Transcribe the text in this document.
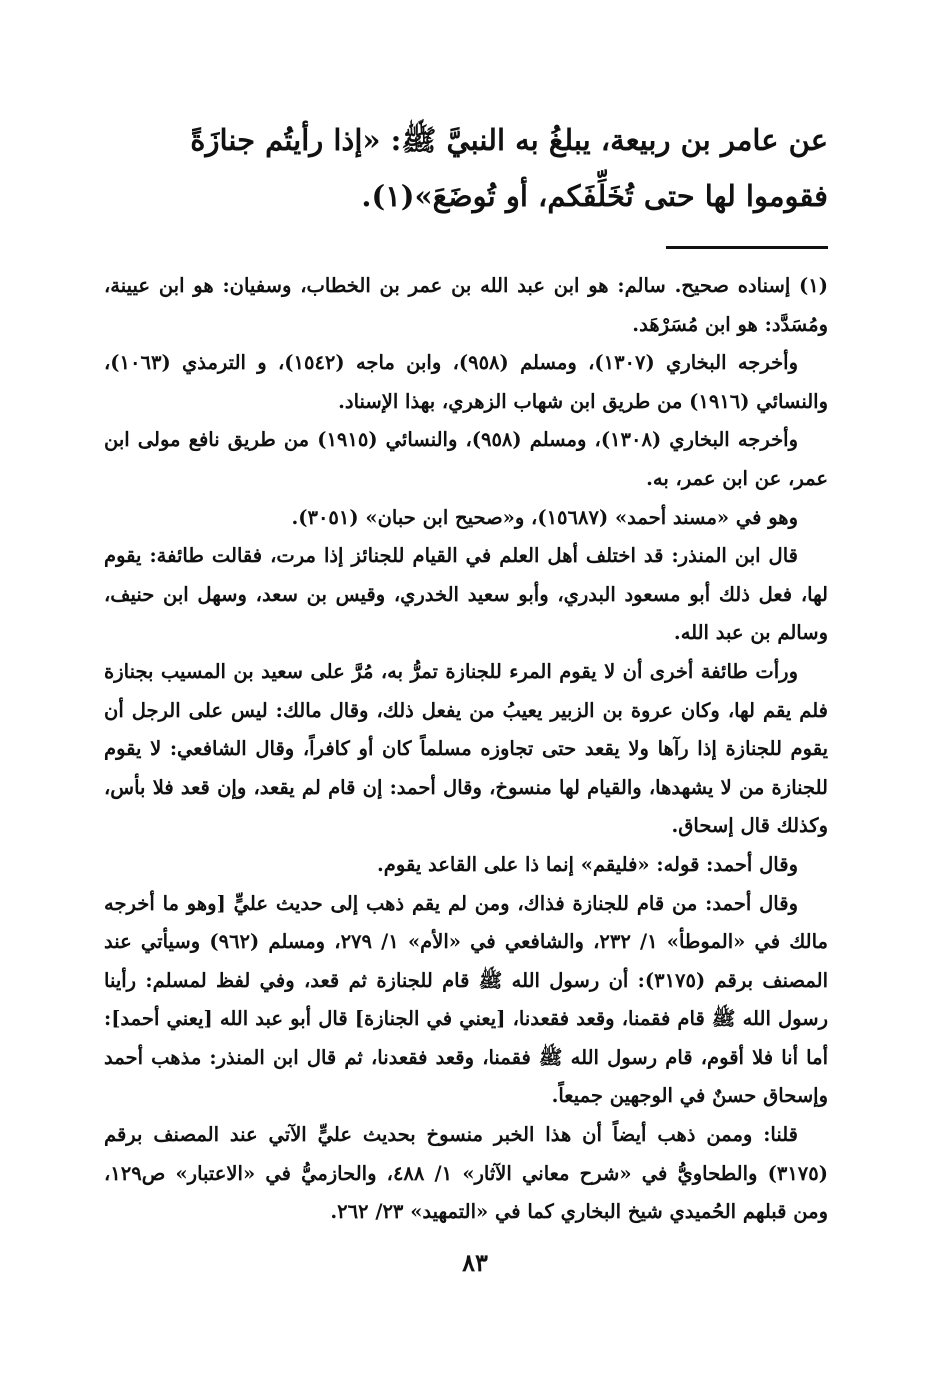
عن عامر بن ربيعة، يبلغُ به النبيَّ ﷺ: «إذا رأيتُم جنازَةً فقوموا لها حتى تُخَلِّفَكم، أو تُوضَعَ»(١).

(١) إسناده صحيح. سالم: هو ابن عبد الله بن عمر بن الخطاب، وسفيان: هو ابن عيينة، ومُسَدَّد: هو ابن مُسَرْهَد.

وأخرجه البخاري (١٣٠٧)، ومسلم (٩٥٨)، وابن ماجه (١٥٤٢)، و الترمذي (١٠٦٣)، والنسائي (١٩١٦) من طريق ابن شهاب الزهري، بهذا الإسناد.

وأخرجه البخاري (١٣٠٨)، ومسلم (٩٥٨)، والنسائي (١٩١٥) من طريق نافع مولى ابن عمر، عن ابن عمر، به.

وهو في «مسند أحمد» (١٥٦٨٧)، و«صحيح ابن حبان» (٣٠٥١).

قال ابن المنذر: قد اختلف أهل العلم في القيام للجنائز إذا مرت، فقالت طائفة: يقوم لها، فعل ذلك أبو مسعود البدري، وأبو سعيد الخدري، وقيس بن سعد، وسهل ابن حنيف، وسالم بن عبد الله.

ورأت طائفة أخرى أن لا يقوم المرء للجنازة تمرُّ به، مُرَّ على سعيد بن المسيب بجنازة فلم يقم لها، وكان عروة بن الزبير يعيبُ من يفعل ذلك، وقال مالك: ليس على الرجل أن يقوم للجنازة إذا رآها ولا يقعد حتى تجاوزه مسلماً كان أو كافراً، وقال الشافعي: لا يقوم للجنازة من لا يشهدها، والقيام لها منسوخ، وقال أحمد: إن قام لم يقعد، وإن قعد فلا بأس، وكذلك قال إسحاق.

وقال أحمد: قوله: «فليقم» إنما ذا على القاعد يقوم.

وقال أحمد: من قام للجنازة فذاك، ومن لم يقم ذهب إلى حديث عليٍّ [وهو ما أخرجه مالك في «الموطأ» ١/ ٢٣٢، والشافعي في «الأم» ١/ ٢٧٩، ومسلم (٩٦٢) وسيأتي عند المصنف برقم (٣١٧٥): أن رسول الله ﷺ قام للجنازة ثم قعد، وفي لفظ لمسلم: رأينا رسول الله ﷺ قام فقمنا، وقعد فقعدنا، [يعني في الجنازة] قال أبو عبد الله [يعني أحمد]: أما أنا فلا أقوم، قام رسول الله ﷺ فقمنا، وقعد فقعدنا، ثم قال ابن المنذر: مذهب أحمد وإسحاق حسنٌ في الوجهين جميعاً.

قلنا: وممن ذهب أيضاً أن هذا الخبر منسوخ بحديث عليٍّ الآتي عند المصنف برقم (٣١٧٥) والطحاويُّ في «شرح معاني الآثار» ١/ ٤٨٨، والحازميُّ في «الاعتبار» ص١٢٩، ومن قبلهم الحُميدي شيخ البخاري كما في «التمهيد» ٢٣/ ٢٦٢.

٨٣
